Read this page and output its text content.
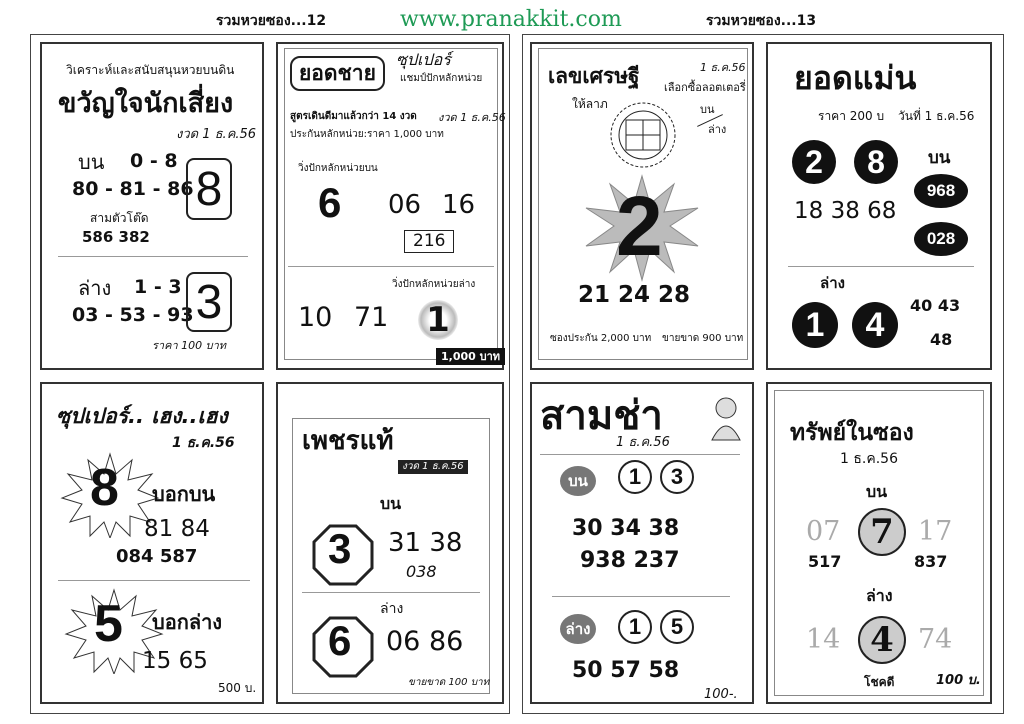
รวมหวยซอง...12	www.pranakkit.com	รวมหวยซอง...13
วิเคราะห์และสนับสนุนหวยบนดิน
ขวัญใจนักเสี่ยง
งวด 1 ธ.ค.56
บน 0 - 8
80 - 81 - 86 8
สามตัวโต๊ด
586 382
ล่าง 1 - 3
03 - 53 - 93 3
ราคา 100 บาท
ยอดชาย
ซุปเปอร์
แชมป์ปักหลักหน่วย
สูตรเดินดีมาแล้วกว่า 14 งวด งวด 1 ธ.ค.56
ประกันหลักหน่วย:ราคา 1,000 บาท
วิ่งปักหลักหน่วยบน
6 06 16
216
วิ่งปักหลักหน่วยล่าง
10 71 1
1,000 บาท
เลขเศรษฐี
ให้ลาภ
1 ธ.ค.56
เลือกซื้อลอตเตอรี่
บน
ล่าง
2
21 24 28
ซองประกัน 2,000 บาท ขายขาด 900 บาท
ยอดแม่น
ราคา 200 บ วันที่ 1 ธ.ค.56
2	8	บน
18 38 68
968
028
ล่าง
1	4	40 43
48
ซุปเปอร์.. เฮง..เฮง
1 ธ.ค.56
8 บอกบน
81 84
084 587
5 บอกล่าง
15 65
500 บ.
เพชรแท้
งวด 1 ธ.ค.56
บน
3 31 38
038
ล่าง
6 06 86
ขายขาด 100 บาท
สามช่า
1 ธ.ค.56
บน	1	3
30 34 38
938 237
ล่าง	1	5
50 57 58
100-.
ทรัพย์ในซอง
1 ธ.ค.56
บน
07 7 17
517	837
ล่าง
14 4 74
โชคดี	100 บ.
